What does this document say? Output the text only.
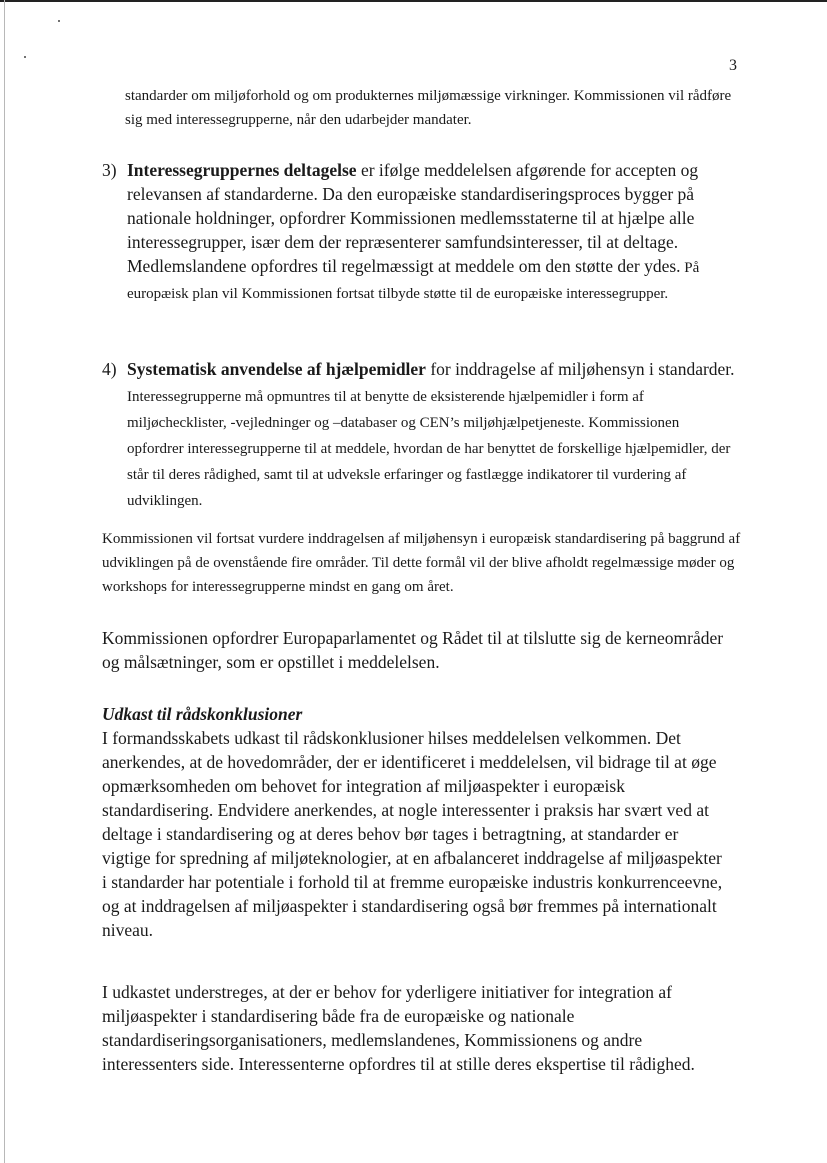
3

standarder om miljøforhold og om produkternes miljømæssige virkninger. Kommissionen vil rådføre sig med interessegrupperne, når den udarbejder mandater.

3) Interessegruppernes deltagelse er ifølge meddelelsen afgørende for accepten og relevansen af standarderne. Da den europæiske standardiseringsproces bygger på nationale holdninger, opfordrer Kommissionen medlemsstaterne til at hjælpe alle interessegrupper, især dem der repræsenterer samfundsinteresser, til at deltage. Medlemslandene opfordres til regelmæssigt at meddele om den støtte der ydes. På europæisk plan vil Kommissionen fortsat tilbyde støtte til de europæiske interessegrupper.

4) Systematisk anvendelse af hjælpemidler for inddragelse af miljøhensyn i standarder. Interessegrupperne må opmuntres til at benytte de eksisterende hjælpemidler i form af miljøchecklister, -vejledninger og –databaser og CEN’s miljøhjælpetjeneste. Kommissionen opfordrer interessegrupperne til at meddele, hvordan de har benyttet de forskellige hjælpemidler, der står til deres rådighed, samt til at udveksle erfaringer og fastlægge indikatorer til vurdering af udviklingen.

Kommissionen vil fortsat vurdere inddragelsen af miljøhensyn i europæisk standardisering på baggrund af udviklingen på de ovenstående fire områder. Til dette formål vil der blive afholdt regelmæssige møder og workshops for interessegrupperne mindst en gang om året.

Kommissionen opfordrer Europaparlamentet og Rådet til at tilslutte sig de kerneområder og målsætninger, som er opstillet i meddelelsen.

Udkast til rådskonklusioner

I formandsskabets udkast til rådskonklusioner hilses meddelelsen velkommen. Det anerkendes, at de hovedområder, der er identificeret i meddelelsen, vil bidrage til at øge opmærksomheden om behovet for integration af miljøaspekter i europæisk standardisering. Endvidere anerkendes, at nogle interessenter i praksis har svært ved at deltage i standardisering og at deres behov bør tages i betragtning, at standarder er vigtige for spredning af miljøteknologier, at en afbalanceret inddragelse af miljøaspekter i standarder har potentiale i forhold til at fremme europæiske industris konkurrenceevne, og at inddragelsen af miljøaspekter i standardisering også bør fremmes på internationalt niveau.

I udkastet understreges, at der er behov for yderligere initiativer for integration af miljøaspekter i standardisering både fra de europæiske og nationale standardiseringsorganisationers, medlemslandenes, Kommissionens og andre interessenters side. Interessenterne opfordres til at stille deres ekspertise til rådighed.
